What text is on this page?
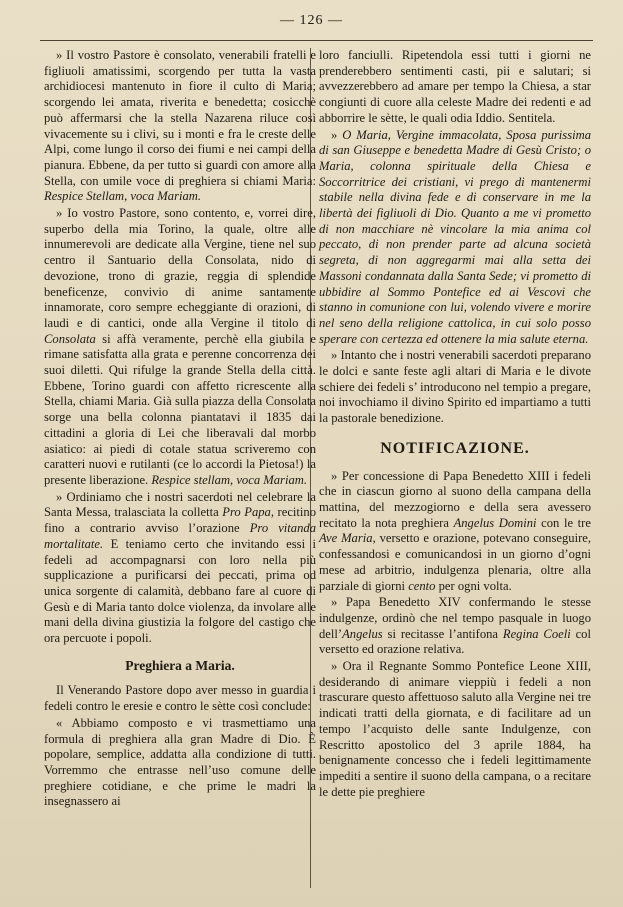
— 126 —

» Il vostro Pastore è consolato, venerabili fratelli e figliuoli amatissimi, scorgendo per tutta la vasta archidiocesi mantenuto in fiore il culto di Maria; scorgendo lei amata, riverita e benedetta; cosicchè può affermarsi che la stella Nazarena riluce così vivacemente su i clivi, su i monti e fra le creste delle Alpi, come lungo il corso dei fiumi e nei campi della pianura. Ebbene, da per tutto si guardi con amore alla Stella, con umile voce di preghiera si chiami Maria: Respice Stellam, voca Mariam.

» Io vostro Pastore, sono contento, e, vorrei dire, superbo della mia Torino, la quale, oltre alle innumerevoli are dedicate alla Vergine, tiene nel suo centro il Santuario della Consolata, nido di devozione, trono di grazie, reggia di splendide beneficenze, convivio di anime santamente innamorate, coro sempre echeggiante di orazioni, di laudi e di cantici, onde alla Vergine il titolo di Consolata si affà veramente, perchè ella giubila e rimane satisfatta alla grata e perenne concorrenza dei suoi diletti. Qui rifulge la grande Stella della città. Ebbene, Torino guardi con affetto ricrescente alla Stella, chiami Maria. Già sulla piazza della Consolata sorge una bella colonna piantatavi il 1835 dai cittadini a gloria di Lei che liberavali dal morbo asiatico: ai piedi di cotale statua scriveremo con caratteri nuovi e rutilanti (ce lo accordi la Pietosa!) la presente liberazione. Respice stellam, voca Mariam.

» Ordiniamo che i nostri sacerdoti nel celebrare la Santa Messa, tralasciata la colletta Pro Papa, recitino fino a contrario avviso l’orazione Pro vitanda mortalitate. E teniamo certo che invitando essi i fedeli ad accompagnarsi con loro nella più supplicazione a purificarsi dei peccati, prima od unica sorgente di calamità, debbano fare al cuore di Gesù e di Maria tanto dolce violenza, da involare alle mani della divina giustizia la folgore del castigo che ora percuote i popoli.

Preghiera a Maria.

Il Venerando Pastore dopo aver messo in guardia i fedeli contro le eresie e contro le sètte così conclude:

« Abbiamo composto e vi trasmettiamo una formula di preghiera alla gran Madre di Dio. È popolare, semplice, addatta alla condizione di tutti. Vorremmo che entrasse nell’uso comune delle preghiere cotidiane, e che prime le madri la insegnassero ai

loro fanciulli. Ripetendola essi tutti i giorni ne prenderebbero sentimenti casti, pii e salutari; si avvezzerebbero ad amare per tempo la Chiesa, a star congiunti di cuore alla celeste Madre dei redenti e ad abborrire le sètte, le quali odia Iddio. Sentitela.

» O Maria, Vergine immacolata, Sposa purissima di san Giuseppe e benedetta Madre di Gesù Cristo; o Maria, colonna spirituale della Chiesa e Soccorritrice dei cristiani, vi prego di mantenermi stabile nella divina fede e di conservare in me la libertà dei figliuoli di Dio. Quanto a me vi prometto di non macchiare nè vincolare la mia anima col peccato, di non prender parte ad alcuna società segreta, di non aggregarmi mai alla setta dei Massoni condannata dalla Santa Sede; vi prometto di ubbidire al Sommo Pontefice ed ai Vescovi che stanno in comunione con lui, volendo vivere e morire nel seno della religione cattolica, in cui solo posso sperare con certezza ed ottenere la mia salute eterna.

» Intanto che i nostri venerabili sacerdoti preparano le dolci e sante feste agli altari di Maria e le divote schiere dei fedeli s’ introducono nel tempio a pregare, noi invochiamo il divino Spirito ed impartiamo a tutti la pastorale benedizione.

NOTIFICAZIONE.

» Per concessione di Papa Benedetto XIII i fedeli che in ciascun giorno al suono della campana della mattina, del mezzogiorno e della sera avessero recitato la nota preghiera Angelus Domini con le tre Ave Maria, versetto e orazione, potevano conseguire, confessandosi e comunicandosi in un giorno d’ogni mese ad arbitrio, indulgenza plenaria, oltre alla parziale di giorni cento per ogni volta.

» Papa Benedetto XIV confermando le stesse indulgenze, ordinò che nel tempo pasquale in luogo dell’Angelus si recitasse l’antifona Regina Coeli col versetto ed orazione relativa.

» Ora il Regnante Sommo Pontefice Leone XIII, desiderando di animare vieppiù i fedeli a non trascurare questo affettuoso saluto alla Vergine nei tre indicati tratti della giornata, e di facilitare ad un tempo l’acquisto delle sante Indulgenze, con Rescritto apostolico del 3 aprile 1884, ha benignamente concesso che i fedeli legittimamente impediti a sentire il suono della campana, o a recitare le dette pie preghiere
